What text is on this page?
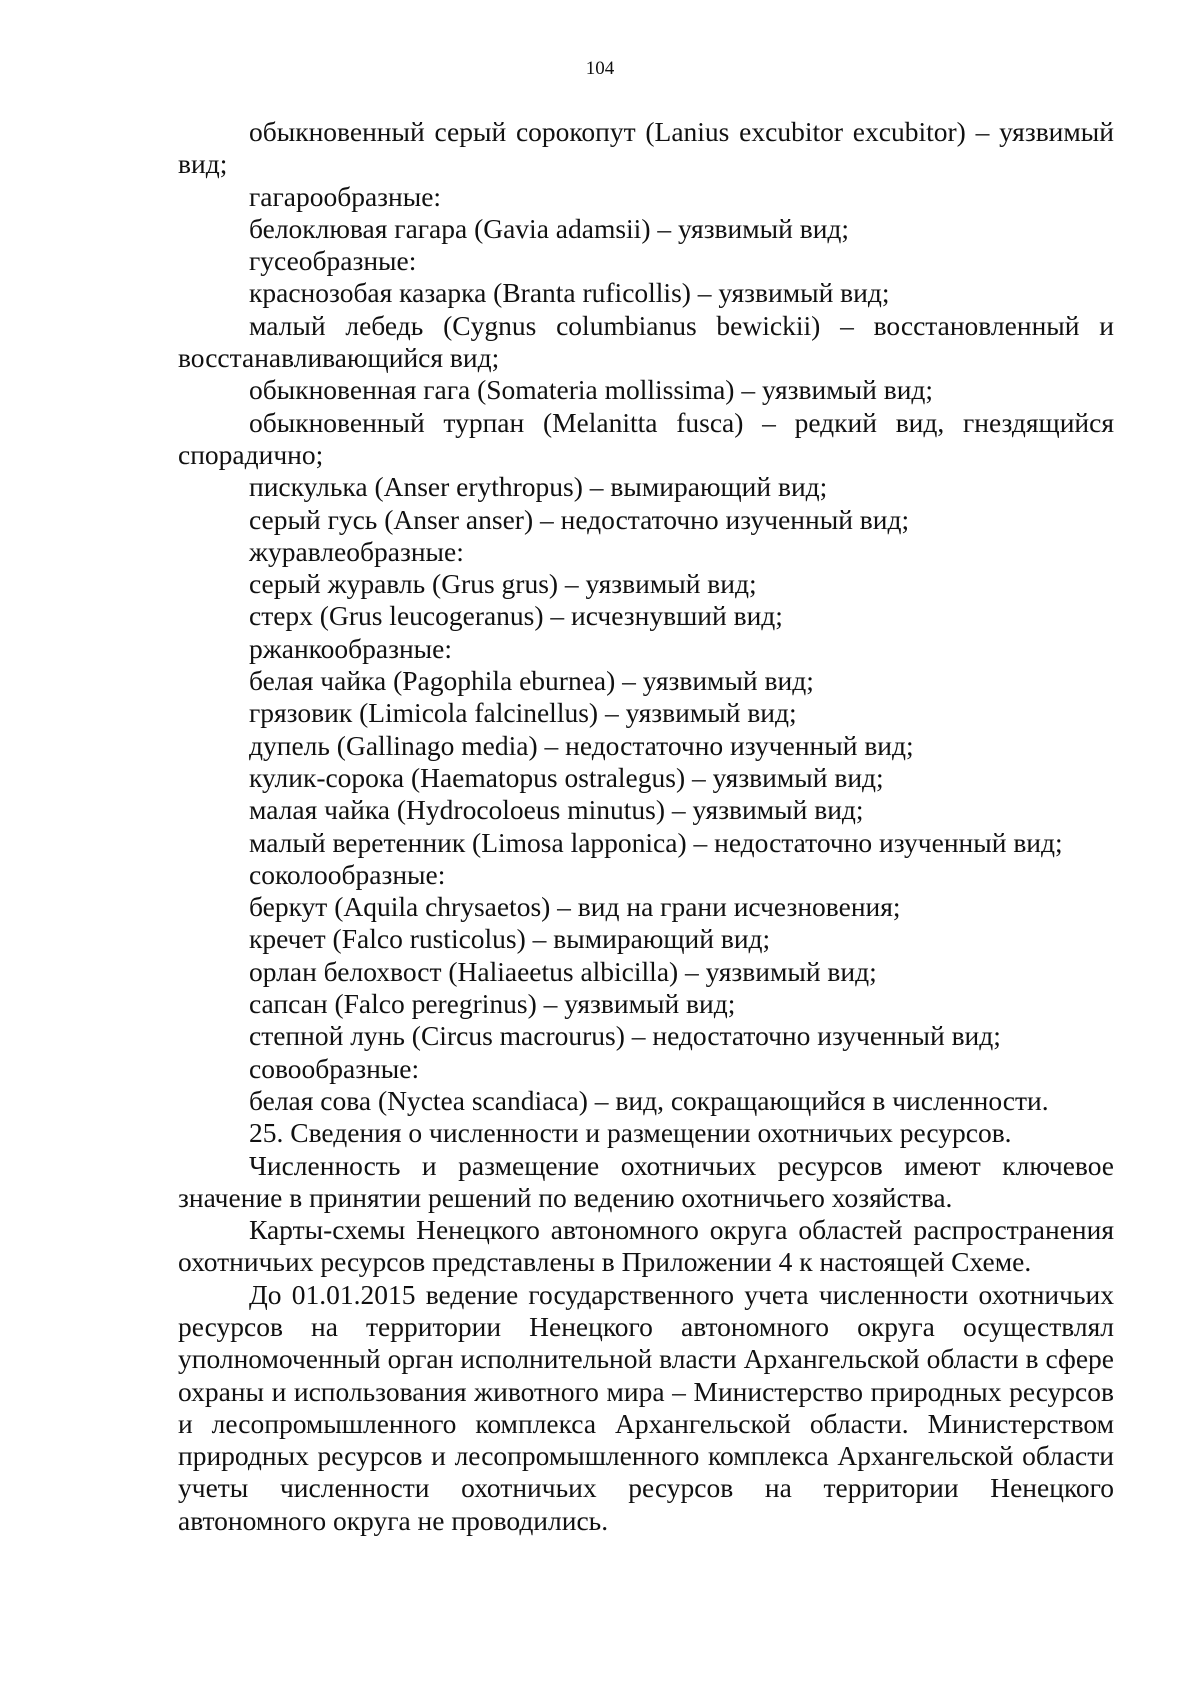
104

обыкновенный серый сорокопут (Lanius excubitor excubitor) – уязвимый вид;

гагарообразные:

белоклювая гагара (Gavia adamsii) – уязвимый вид;

гусеобразные:

краснозобая казарка (Branta ruficollis) – уязвимый вид;

малый лебедь (Cygnus columbianus bewickii) – восстановленный и восстанавливающийся вид;

обыкновенная гага (Somateria mollissima) – уязвимый вид;

обыкновенный турпан (Melanitta fusca) – редкий вид, гнездящийся спорадично;

пискулька (Anser erythropus) – вымирающий вид;

серый гусь (Anser anser) – недостаточно изученный вид;

журавлеобразные:

серый журавль (Grus grus) – уязвимый вид;

стерх (Grus leucogeranus) – исчезнувший вид;

ржанкообразные:

белая чайка (Pagophila eburnea) – уязвимый вид;

грязовик (Limicola falcinellus) – уязвимый вид;

дупель (Gallinago media) – недостаточно изученный вид;

кулик-сорока (Haematopus ostralegus) – уязвимый вид;

малая чайка (Hydrocoloeus minutus) – уязвимый вид;

малый веретенник (Limosa lapponica) – недостаточно изученный вид;

соколообразные:

беркут (Aquila chrysaetos) – вид на грани исчезновения;

кречет (Falco rusticolus) – вымирающий вид;

орлан белохвост (Haliaeetus albicilla) – уязвимый вид;

сапсан (Falco peregrinus) – уязвимый вид;

степной лунь (Circus macrourus) – недостаточно изученный вид;

совообразные:

белая сова (Nyctea scandiaca) – вид, сокращающийся в численности.

25. Сведения о численности и размещении охотничьих ресурсов.

Численность и размещение охотничьих ресурсов имеют ключевое значение в принятии решений по ведению охотничьего хозяйства.

Карты-схемы Ненецкого автономного округа областей распространения охотничьих ресурсов представлены в Приложении 4 к настоящей Схеме.

До 01.01.2015 ведение государственного учета численности охотничьих ресурсов на территории Ненецкого автономного округа осуществлял уполномоченный орган исполнительной власти Архангельской области в сфере охраны и использования животного мира – Министерство природных ресурсов и лесопромышленного комплекса Архангельской области. Министерством природных ресурсов и лесопромышленного комплекса Архангельской области учеты численности охотничьих ресурсов на территории Ненецкого автономного округа не проводились.
